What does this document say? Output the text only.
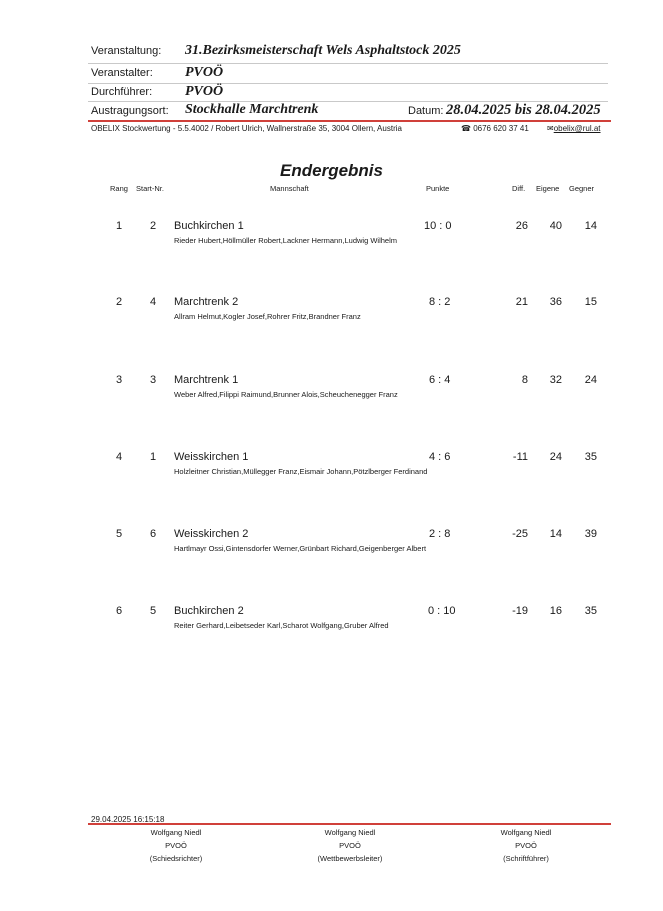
Veranstaltung: 31.Bezirksmeisterschaft Wels Asphaltstock 2025
Veranstalter: PVOÖ
Durchführer: PVOÖ
Austragungsort: Stockhalle Marchtrenk	Datum: 28.04.2025 bis 28.04.2025
OBELIX Stockwertung - 5.5.4002 / Robert Ulrich, Wallnerstraße 35, 3004 Ollern, Austria	☎ 0676 620 37 41 ✉obelix@rul.at
Endergebnis
Rang Start-Nr.	Mannschaft	Punkte	Diff. Eigene Gegner
1	2 Buchkirchen 1
Rieder Hubert,Höllmüller Robert,Lackner Hermann,Ludwig Wilhelm
10 : 0	26	40	14
2	4 Marchtrenk 2
Allram Helmut,Kogler Josef,Rohrer Fritz,Brandner Franz
8 : 2	21	36	15
3	3 Marchtrenk 1
Weber Alfred,Filippi Raimund,Brunner Alois,Scheuchenegger Franz
6 : 4	8	32	24
4	1 Weisskirchen 1
Holzleitner Christian,Müllegger Franz,Eismair Johann,Pötzlberger Ferdinand
4 : 6	-11	24	35
5	6 Weisskirchen 2
Hartlmayr Ossi,Gintensdorfer Werner,Grünbart Richard,Geigenberger Albert
2 : 8	-25	14	39
6	5 Buchkirchen 2
Reiter Gerhard,Leibetseder Karl,Scharot Wolfgang,Gruber Alfred
0 : 10	-19	16	35
29.04.2025 16:15:18
Wolfgang Niedl
PVOÖ
(Schiedsrichter)
Wolfgang Niedl
PVOÖ
(Wettbewerbsleiter)
Wolfgang Niedl
PVOÖ
(Schriftführer)
